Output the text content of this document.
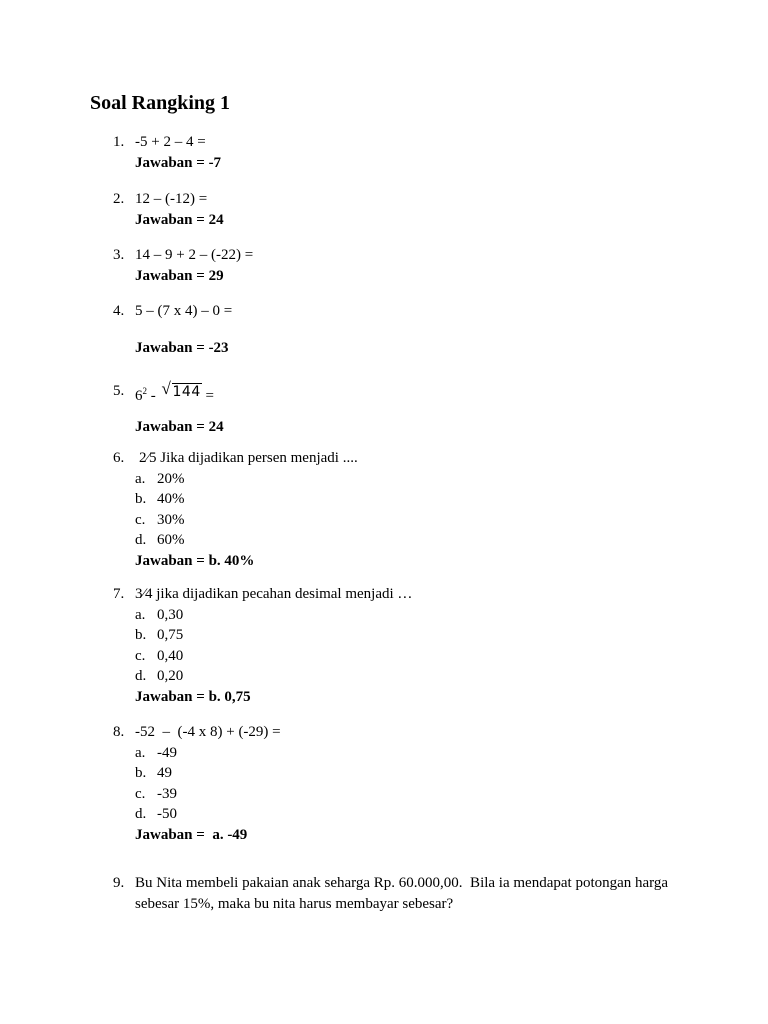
Soal Rangking 1
1. -5 + 2 – 4 =
Jawaban = -7
2. 12 – (-12) =
Jawaban = 24
3. 14 – 9 + 2 – (-22) =
Jawaban = 29
4. 5 – (7 x 4) – 0 =
Jawaban = -23
5. $6^2$ - √ 144 =
Jawaban = 24
6. 2⁄5 Jika dijadikan persen menjadi ....
a. 20%
b. 40%
c. 30%
d. 60%
Jawaban = b. 40%
7. 3⁄4 jika dijadikan pecahan desimal menjadi …
a. 0,30
b. 0,75
c. 0,40
d. 0,20
Jawaban = b. 0,75
8. -52  –  (-4 x 8) + (-29) =
a. -49
b. 49
c. -39
d. -50
Jawaban =  a. -49
9. Bu Nita membeli pakaian anak seharga Rp. 60.000,00.  Bila ia mendapat potongan harga
sebesar 15%, maka bu nita harus membayar sebesar?
